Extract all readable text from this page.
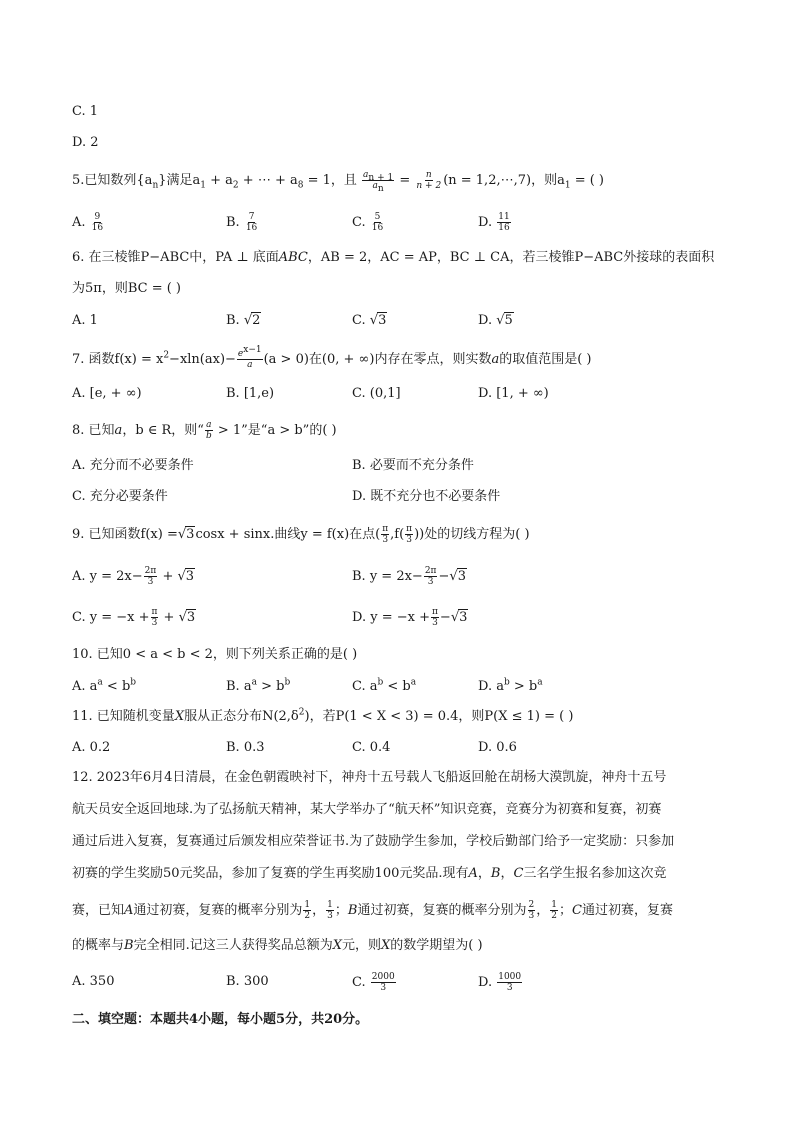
C. 1
D. 2
5.已知数列$\{a_n\}$满足$a_1 + a_2$ + ⋯ + $a_8 = 1$，且 $\frac{a_{n + 1}}{a_n} = \frac{n}{n + 2} (n$ = 1,2,⋯,7)，则$a_1$ = ( )
A. $\frac{9}{16}$	B. $\frac{7}{16}$	C. $\frac{5}{16}$	D. $\frac{11}{16}$
6. 在三棱锥P−ABC中，PA ⊥ 底面ABC，AB = 2，AC = AP，BC ⊥ CA，若三棱锥P−ABC外接球的表面积
为5π，则BC = ( )
A. 1	B. √2	C. √3	D. √5
7. 函数$f(x) = x^2-xln(ax)- \frac{e^{x-1}}{a} (a > 0)$在(0, + ∞)内存在零点，则实数a的取值范围是( )
A. [e, + ∞)	B. [1,e)	C. (0,1]	D. [1, + ∞)
8. 已知a，b ∈ R，则“ $\frac{a}{b} > 1$”是“a > b”的( )
A. 充分而不必要条件	B. 必要而不充分条件
C. 充分必要条件	D. 既不充分也不必要条件
9. 已知函数f(x) =√3cosx + sinx.曲线y = f(x)在点( $\frac{\pi}{3} ,f( \frac{\pi}{3}$ ))处的切线方程为( )
A. $y = 2x- \frac{2\pi}{3} + √3$	B. $y = 2x- \frac{2\pi}{3} -√3$
C. $y = -x + \frac{\pi}{3} + √3$	D. $y = -x + \frac{\pi}{3} -√3$
10. 已知0 < a < b < 2，则下列关系正确的是( )
A. $a^a < b^b$	B. $a^a > b^b$	C. $a^b < b^a$	D. $a^b > b^a$
11. 已知随机变量X服从正态分布$N(2,\delta^2)$，若P(1 < X < 3) = 0.4，则P(X ≤ 1) = ( )
A. 0.2	B. 0.3	C. 0.4	D. 0.6
12. 2023年6月4日清晨，在金色朝霞映衬下，神舟十五号载人飞船返回舱在胡杨大漠凯旋，神舟十五号
航天员安全返回地球.为了弘扬航天精神，某大学举办了“航天杯”知识竞赛，竞赛分为初赛和复赛，初赛
通过后进入复赛，复赛通过后颁发相应荣誉证书.为了鼓励学生参加，学校后勤部门给予一定奖励：只参加
初赛的学生奖励50元奖品，参加了复赛的学生再奖励100元奖品.现有A，B，C三名学生报名参加这次竞
赛，已知A通过初赛，复赛的概率分别为 $\frac{1}{2}$ ， $\frac{1}{3}$ ；B通过初赛，复赛的概率分别为 $\frac{2}{3}$ ， $\frac{1}{2}$ ；C通过初赛，复赛
的概率与B完全相同.记这三人获得奖品总额为X元，则X的数学期望为( )
A. 350	B. 300	C. $\frac{2000}{3}$	D. $\frac{1000}{3}$
二、填空题：本题共4小题，每小题5分，共20分。
